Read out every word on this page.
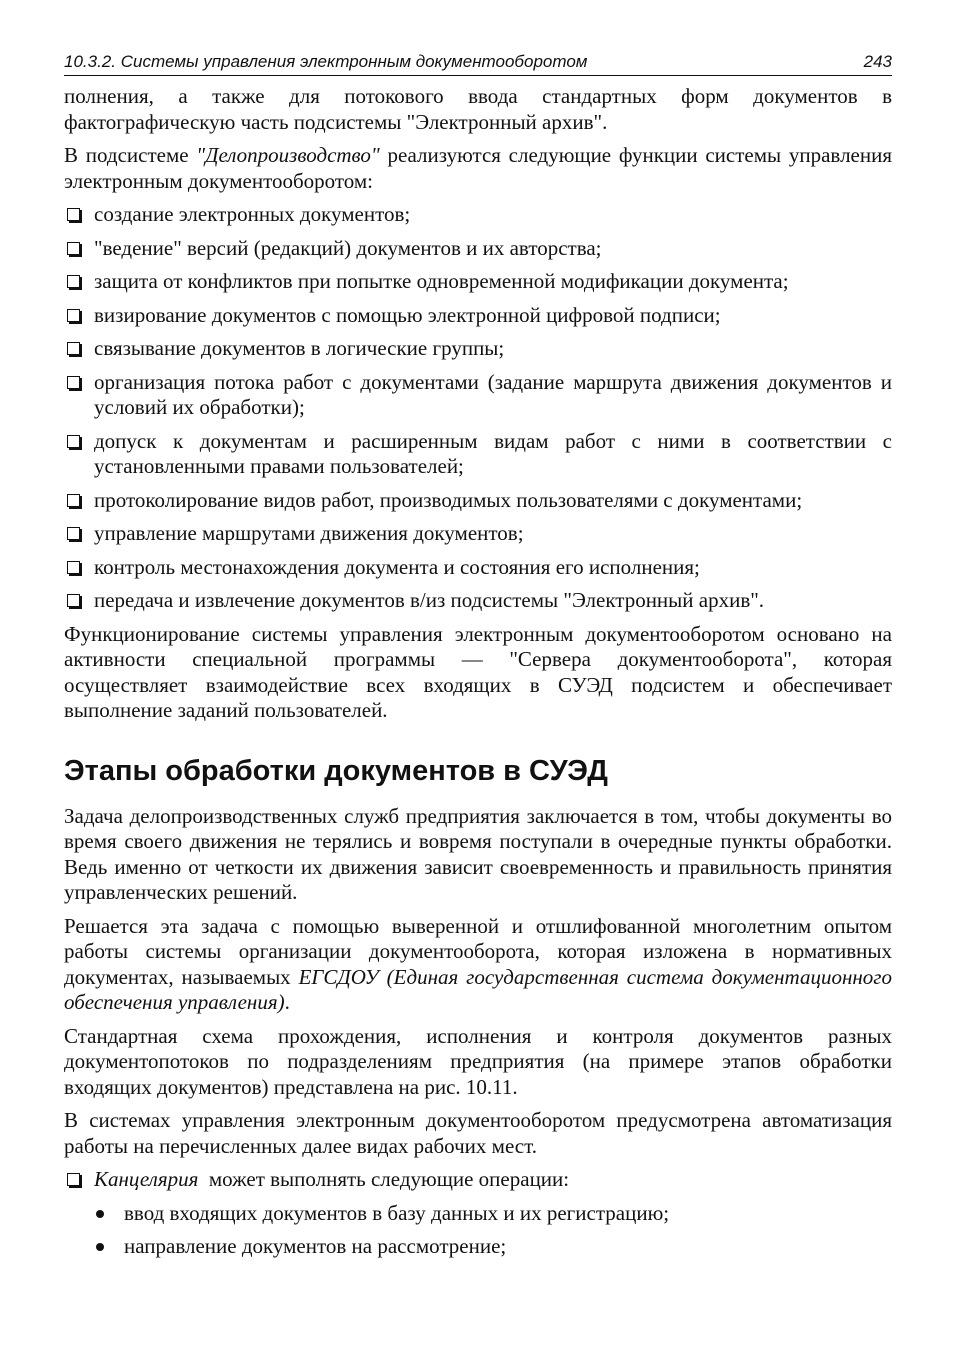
10.3.2. Системы управления электронным документооборотом	243

полнения, а также для потокового ввода стандартных форм документов в фактографическую часть подсистемы "Электронный архив".

В подсистеме "Делопроизводство" реализуются следующие функции системы управления электронным документооборотом:

создание электронных документов;
"ведение" версий (редакций) документов и их авторства;
защита от конфликтов при попытке одновременной модификации документа;
визирование документов с помощью электронной цифровой подписи;
связывание документов в логические группы;
организация потока работ с документами (задание маршрута движения документов и условий их обработки);
допуск к документам и расширенным видам работ с ними в соответствии с установленными правами пользователей;
протоколирование видов работ, производимых пользователями с документами;
управление маршрутами движения документов;
контроль местонахождения документа и состояния его исполнения;
передача и извлечение документов в/из подсистемы "Электронный архив".

Функционирование системы управления электронным документооборотом основано на активности специальной программы — "Сервера документооборота", которая осуществляет взаимодействие всех входящих в СУЭД подсистем и обеспечивает выполнение заданий пользователей.

Этапы обработки документов в СУЭД

Задача делопроизводственных служб предприятия заключается в том, чтобы документы во время своего движения не терялись и вовремя поступали в очередные пункты обработки. Ведь именно от четкости их движения зависит своевременность и правильность принятия управленческих решений.

Решается эта задача с помощью выверенной и отшлифованной многолетним опытом работы системы организации документооборота, которая изложена в нормативных документах, называемых ЕГСДОУ (Единая государственная система документационного обеспечения управления).

Стандартная схема прохождения, исполнения и контроля документов разных документопотоков по подразделениям предприятия (на примере этапов обработки входящих документов) представлена на рис. 10.11.

В системах управления электронным документооборотом предусмотрена автоматизация работы на перечисленных далее видах рабочих мест.

Канцелярия  может выполнять следующие операции:
ввод входящих документов в базу данных и их регистрацию;
направление документов на рассмотрение;
